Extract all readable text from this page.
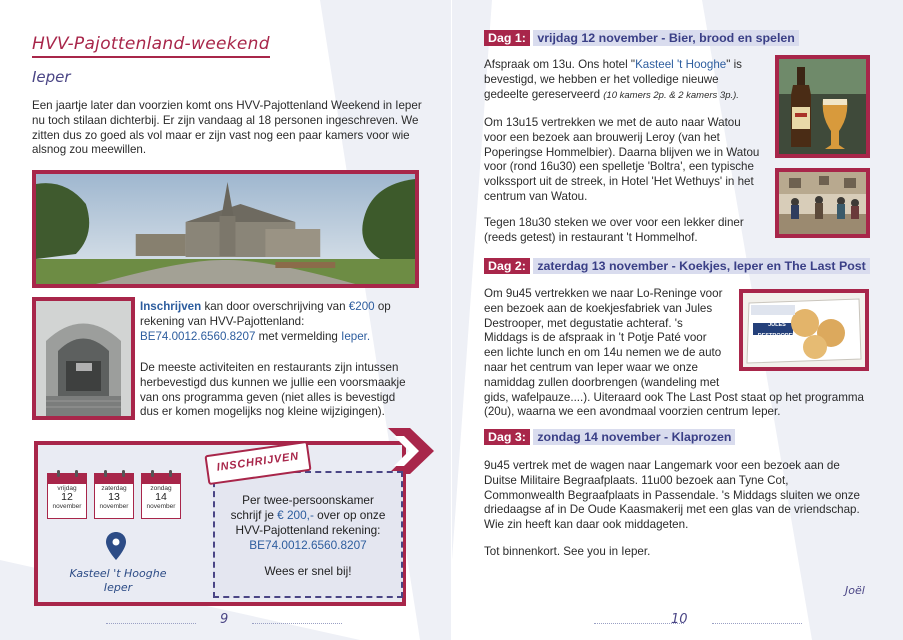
HVV-Pajottenland-weekend
Ieper
Een jaartje later dan voorzien komt ons HVV-Pajottenland Weekend in Ieper nu toch stilaan dichterbij. Er zijn vandaag al 18 personen ingeschreven. We zitten dus zo goed als vol maar er zijn vast nog een paar kamers voor wie alsnog zou meewillen.
Inschrijven kan door overschrijving van €200 op rekening van HVV-Pajottenland: BE74.0012.6560.8207 met vermelding Ieper.
De meeste activiteiten en restaurants zijn intussen herbevestigd dus kunnen we jullie een voorsmaakje van ons programma geven (niet alles is bevestigd dus er komen mogelijks nog kleine wijzigingen).
vrijdag
12
november
zaterdag
13
november
zondag
14
november
Kasteel 't Hooghe
Ieper
INSCHRIJVEN
Per twee-persoonskamer
schrijf je € 200,- over op onze
HVV-Pajottenland rekening:
BE74.0012.6560.8207
Wees er snel bij!
9
Dag 1: vrijdag 12 november - Bier, brood en spelen
Afspraak om 13u. Ons hotel "Kasteel 't Hooghe" is bevestigd, we hebben er het volledige nieuwe gedeelte gereserveerd (10 kamers 2p. & 2 kamers 3p.).
Om 13u15 vertrekken we met de auto naar Watou voor een bezoek aan brouwerij Leroy (van het Poperingse Hommelbier). Daarna blijven we in Watou voor (rond 16u30) een spelletje 'Boltra', een typische volkssport uit de streek, in Hotel 'Het Wethuys' in het centrum van Watou.
Tegen 18u30 steken we over voor een lekker diner (reeds getest) in restaurant 't Hommelhof.
Dag 2: zaterdag 13 november - Koekjes, Ieper en The Last Post
Om 9u45 vertrekken we naar Lo-Reninge voor een bezoek aan de koekjesfabriek van Jules Destrooper, met degustatie achteraf. 's Middags is de afspraak in 't Potje Paté voor een lichte lunch en om 14u nemen we de auto naar het centrum van Ieper waar we onze namiddag zullen doorbrengen (wandeling met gids, wafelpauze....). Uiteraard ook The Last Post staat op het programma (20u), waarna we een avondmaal voorzien centrum Ieper.
JULES DESTROOPER
Dag 3: zondag 14 november - Klaprozen
9u45 vertrek met de wagen naar Langemark voor een bezoek aan de Duitse Militaire Begraafplaats. 11u00 bezoek aan Tyne Cot, Commonwealth Begraafplaats in Passendale. 's Middags sluiten we onze driedaagse af in De Oude Kaasmakerij met een glas van de vriendschap. Wie zin heeft kan daar ook middageten.
Tot binnenkort. See you in Ieper.
Joël
10
